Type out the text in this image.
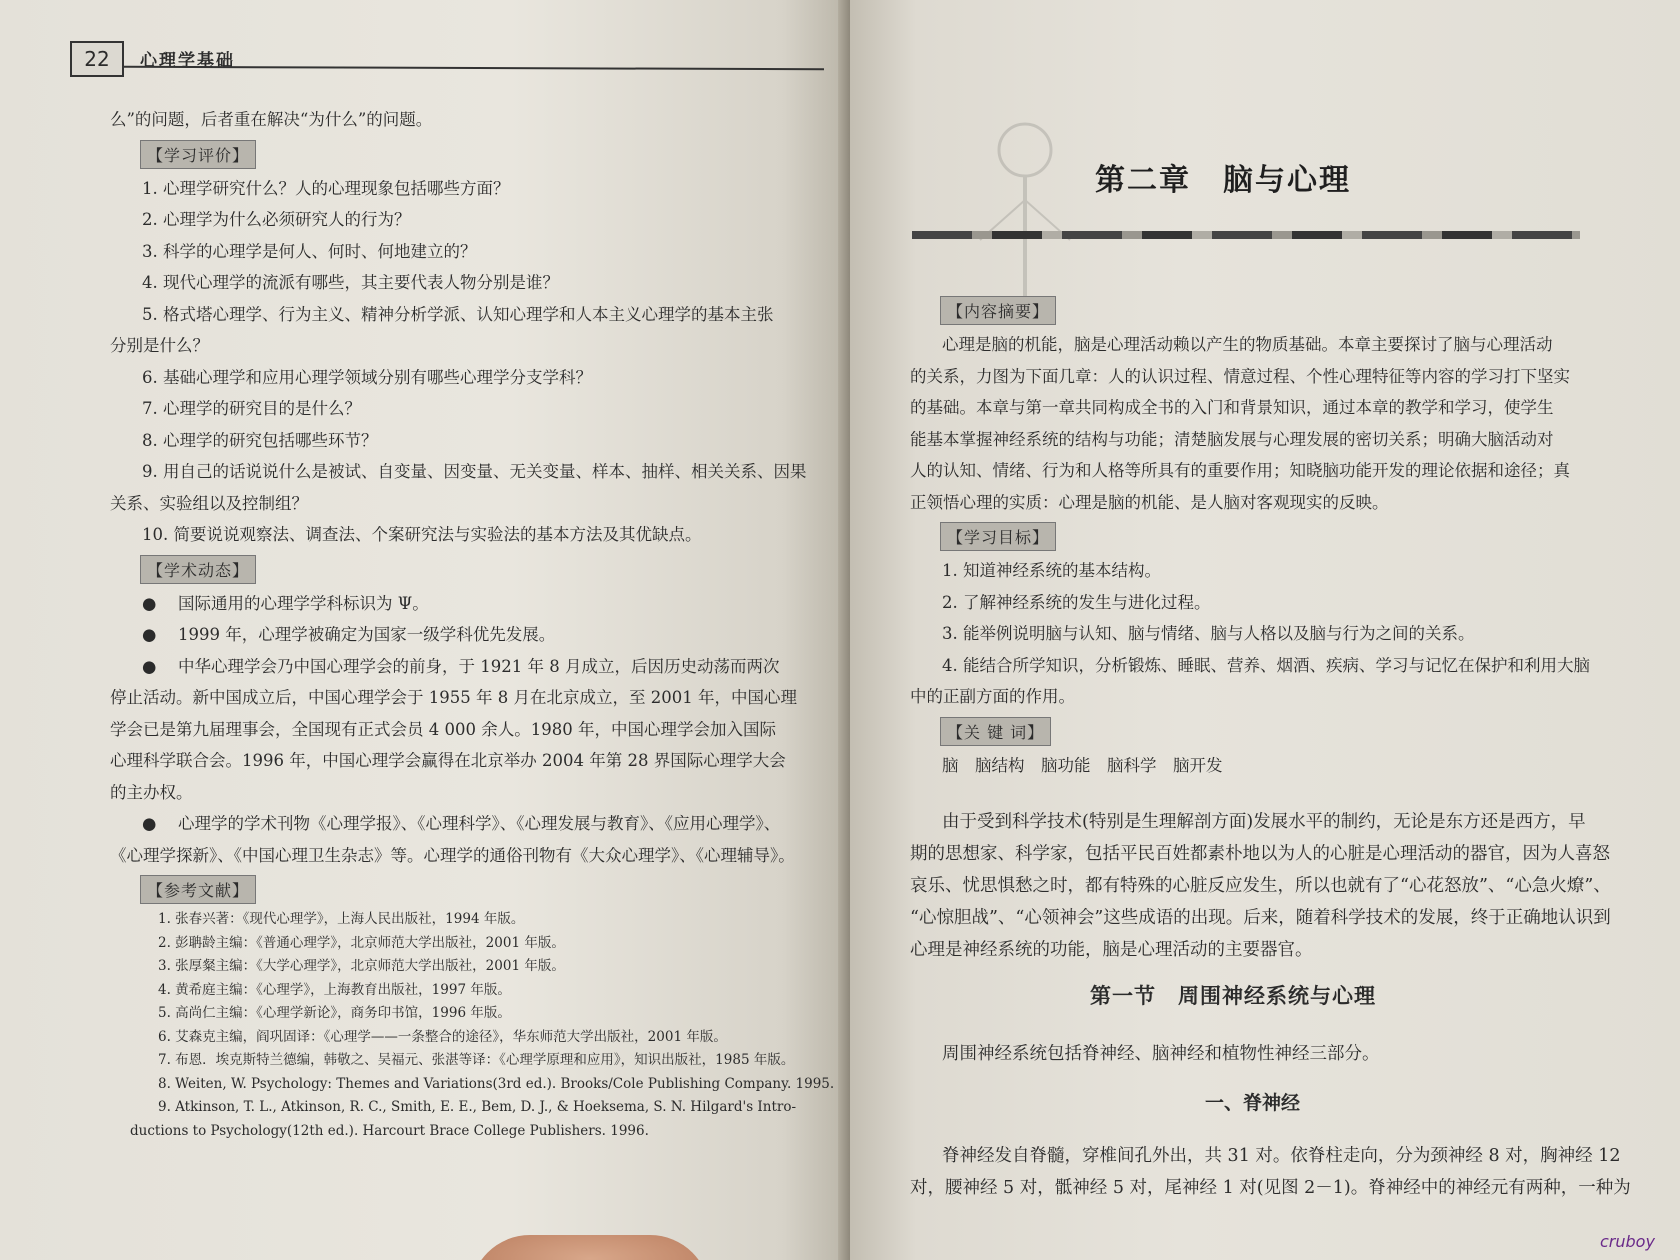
22	心理学基础
么”的问题，后者重在解决“为什么”的问题。
【学习评价】
1. 心理学研究什么？人的心理现象包括哪些方面？
2. 心理学为什么必须研究人的行为？
3. 科学的心理学是何人、何时、何地建立的？
4. 现代心理学的流派有哪些，其主要代表人物分别是谁？
5. 格式塔心理学、行为主义、精神分析学派、认知心理学和人本主义心理学的基本主张
分别是什么？
6. 基础心理学和应用心理学领域分别有哪些心理学分支学科？
7. 心理学的研究目的是什么？
8. 心理学的研究包括哪些环节？
9. 用自己的话说说什么是被试、自变量、因变量、无关变量、样本、抽样、相关关系、因果
关系、实验组以及控制组？
10. 简要说说观察法、调查法、个案研究法与实验法的基本方法及其优缺点。
【学术动态】
● 国际通用的心理学学科标识为 Ψ。
● 1999 年，心理学被确定为国家一级学科优先发展。
● 中华心理学会乃中国心理学会的前身，于 1921 年 8 月成立，后因历史动荡而两次
停止活动。新中国成立后，中国心理学会于 1955 年 8 月在北京成立，至 2001 年，中国心理
学会已是第九届理事会，全国现有正式会员 4 000 余人。1980 年，中国心理学会加入国际
心理科学联合会。1996 年，中国心理学会赢得在北京举办 2004 年第 28 界国际心理学大会
的主办权。
● 心理学的学术刊物《心理学报》、《心理科学》、《心理发展与教育》、《应用心理学》、
《心理学探新》、《中国心理卫生杂志》等。心理学的通俗刊物有《大众心理学》、《心理辅导》。
【参考文献】
1. 张春兴著：《现代心理学》，上海人民出版社，1994 年版。
2. 彭聃龄主编：《普通心理学》，北京师范大学出版社，2001 年版。
3. 张厚粲主编：《大学心理学》，北京师范大学出版社，2001 年版。
4. 黄希庭主编：《心理学》，上海教育出版社，1997 年版。
5. 高尚仁主编：《心理学新论》，商务印书馆，1996 年版。
6. 艾森克主编，阎巩固译：《心理学——一条整合的途径》，华东师范大学出版社，2001 年版。
7. 布恩．埃克斯特兰德编，韩敬之、吴福元、张湛等译：《心理学原理和应用》，知识出版社，1985 年版。
8. Weiten, W. Psychology: Themes and Variations(3rd ed.). Brooks/Cole Publishing Company. 1995.
9. Atkinson, T. L., Atkinson, R. C., Smith, E. E., Bem, D. J., & Hoeksema, S. N. Hilgard's Intro-
ductions to Psychology(12th ed.). Harcourt Brace College Publishers. 1996.
第二章　脑与心理
【内容摘要】
心理是脑的机能，脑是心理活动赖以产生的物质基础。本章主要探讨了脑与心理活动
的关系，力图为下面几章：人的认识过程、情意过程、个性心理特征等内容的学习打下坚实
的基础。本章与第一章共同构成全书的入门和背景知识，通过本章的教学和学习，使学生
能基本掌握神经系统的结构与功能；清楚脑发展与心理发展的密切关系；明确大脑活动对
人的认知、情绪、行为和人格等所具有的重要作用；知晓脑功能开发的理论依据和途径；真
正领悟心理的实质：心理是脑的机能、是人脑对客观现实的反映。
【学习目标】
1. 知道神经系统的基本结构。
2. 了解神经系统的发生与进化过程。
3. 能举例说明脑与认知、脑与情绪、脑与人格以及脑与行为之间的关系。
4. 能结合所学知识，分析锻炼、睡眠、营养、烟酒、疾病、学习与记忆在保护和利用大脑
中的正副方面的作用。
【关 键 词】
脑　脑结构　脑功能　脑科学　脑开发
由于受到科学技术(特别是生理解剖方面)发展水平的制约，无论是东方还是西方，早
期的思想家、科学家，包括平民百姓都素朴地以为人的心脏是心理活动的器官，因为人喜怒
哀乐、忧思惧愁之时，都有特殊的心脏反应发生，所以也就有了“心花怒放”、“心急火燎”、
“心惊胆战”、“心领神会”这些成语的出现。后来，随着科学技术的发展，终于正确地认识到
心理是神经系统的功能，脑是心理活动的主要器官。
第一节　周围神经系统与心理
周围神经系统包括脊神经、脑神经和植物性神经三部分。
一、脊神经
脊神经发自脊髓，穿椎间孔外出，共 31 对。依脊柱走向，分为颈神经 8 对，胸神经 12
对，腰神经 5 对，骶神经 5 对，尾神经 1 对(见图 2－1)。脊神经中的神经元有两种，一种为
cruboy
